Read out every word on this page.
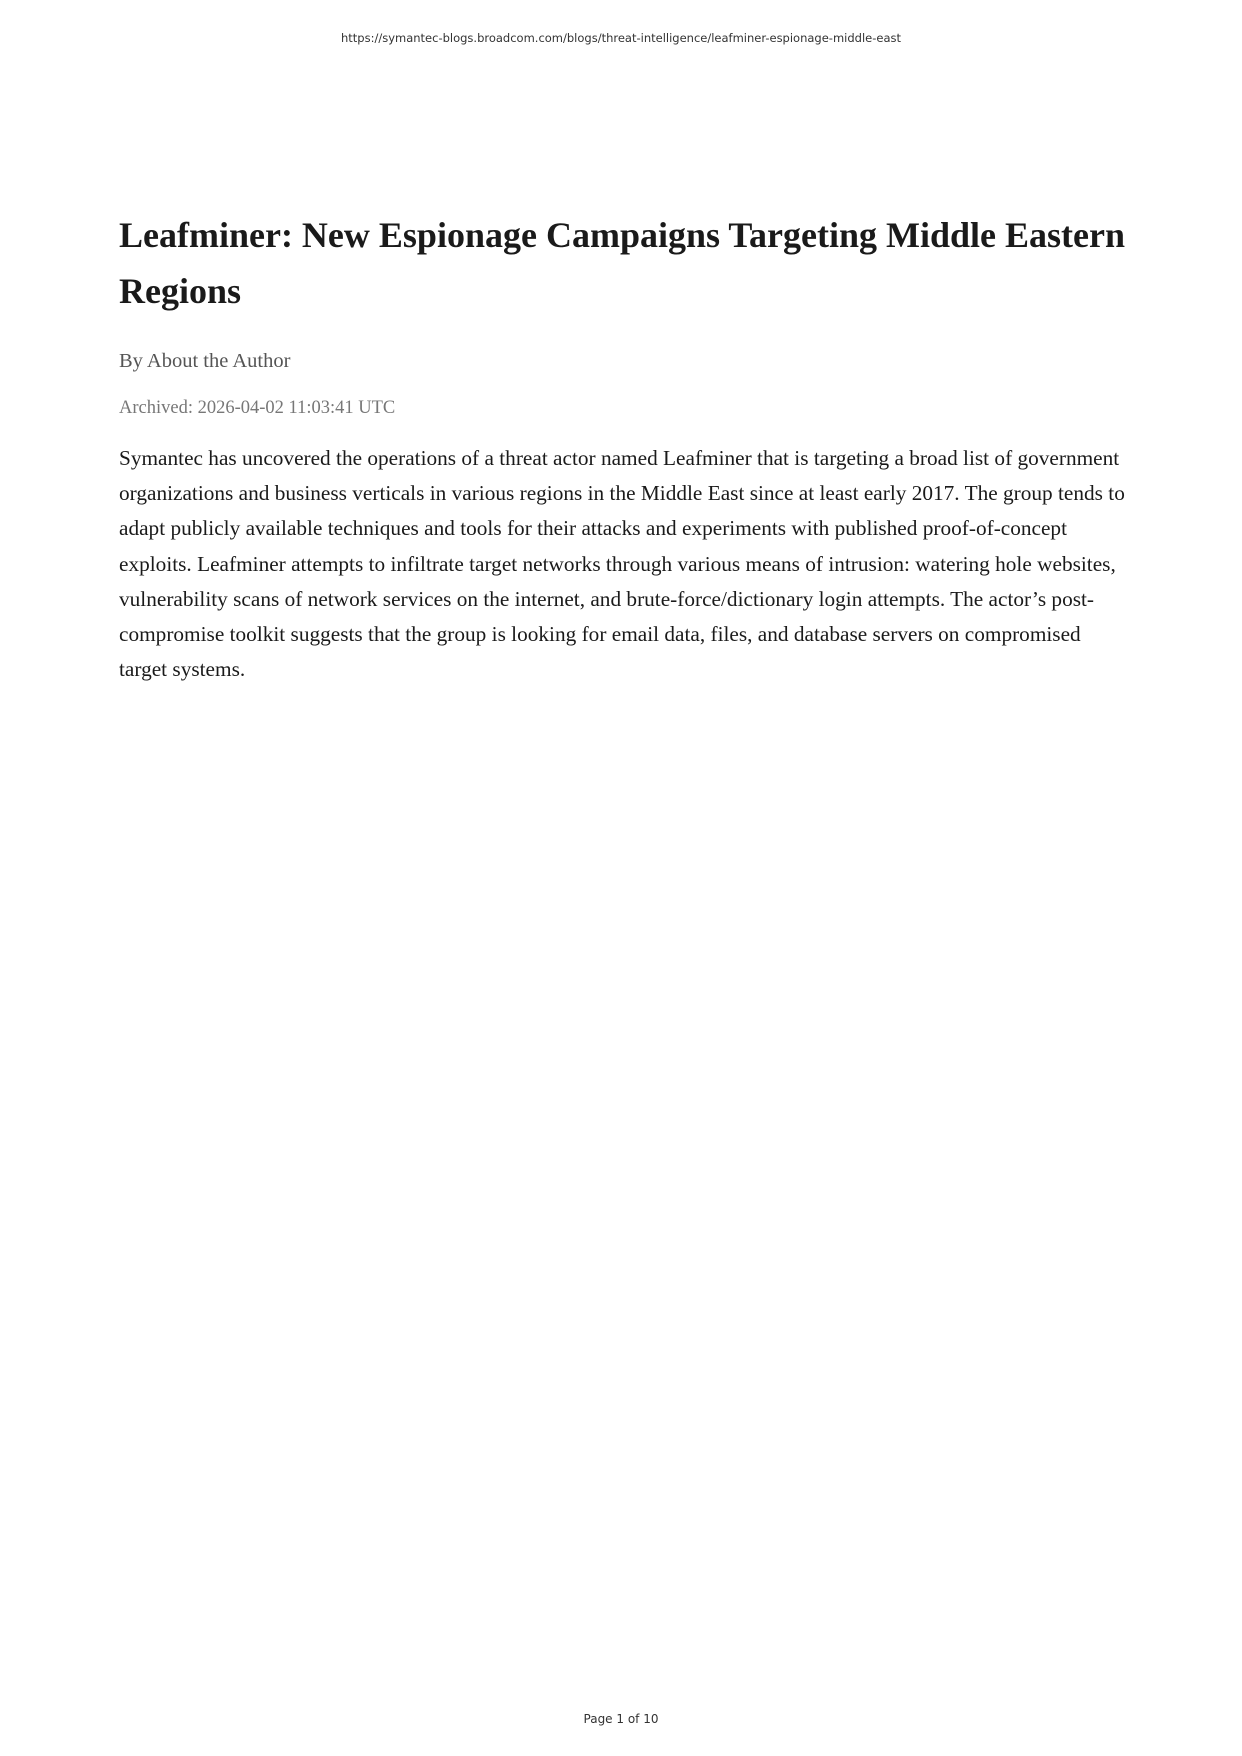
https://symantec-blogs.broadcom.com/blogs/threat-intelligence/leafminer-espionage-middle-east
Leafminer: New Espionage Campaigns Targeting Middle Eastern Regions

By About the Author

Archived: 2026-04-02 11:03:41 UTC

Symantec has uncovered the operations of a threat actor named Leafminer that is targeting a broad list of government organizations and business verticals in various regions in the Middle East since at least early 2017. The group tends to adapt publicly available techniques and tools for their attacks and experiments with published proof-of-concept exploits. Leafminer attempts to infiltrate target networks through various means of intrusion: watering hole websites, vulnerability scans of network services on the internet, and brute-force/dictionary login attempts. The actor’s post-compromise toolkit suggests that the group is looking for email data, files, and database servers on compromised target systems.

Page 1 of 10
